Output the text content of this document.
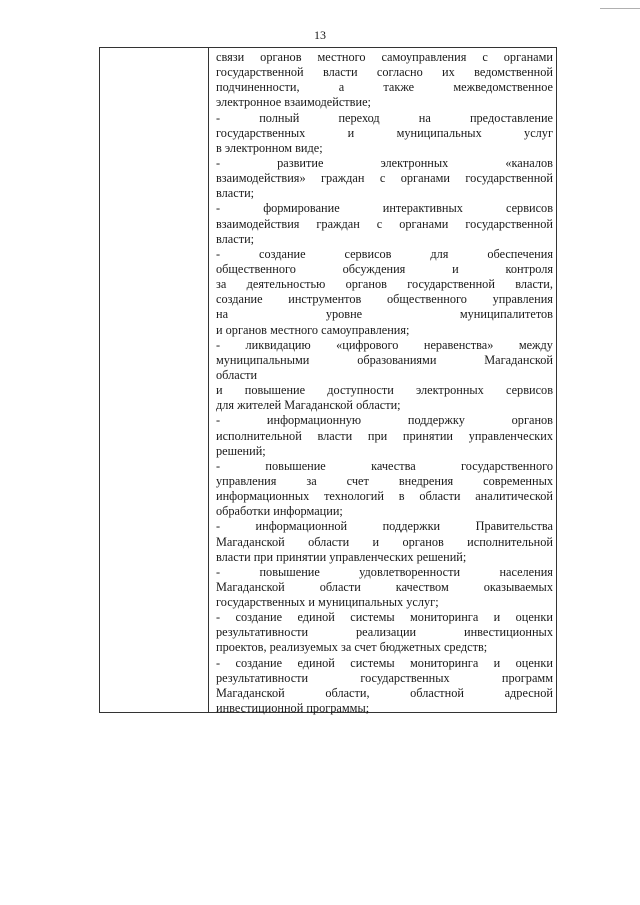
13
связи органов местного самоуправления с органами
государственной власти согласно их ведомственной
подчиненности,	а	также	межведомственное
электронное взаимодействие;
-	полный	переход	на	предоставление
государственных	и	муниципальных	услуг
в электронном виде;
-	развитие	электронных	«каналов
взаимодействия» граждан с органами государственной
власти;
-	формирование	интерактивных	сервисов
взаимодействия граждан с органами государственной
власти;
-	создание	сервисов	для	обеспечения
общественного	обсуждения	и	контроля
за деятельностью органов государственной власти,
создание инструментов общественного управления
на	уровне	муниципалитетов
и органов местного самоуправления;
- ликвидацию «цифрового неравенства» между
муниципальными	образованиями	Магаданской
области
и повышение доступности электронных сервисов
для жителей Магаданской области;
-	информационную	поддержку	органов
исполнительной власти при принятии управленческих
решений;
-	повышение	качества	государственного
управления за счет внедрения современных
информационных технологий в области аналитической
обработки информации;
-	информационной	поддержки	Правительства
Магаданской области и органов исполнительной
власти при принятии управленческих решений;
-	повышение	удовлетворенности	населения
Магаданской	области	качеством	оказываемых
государственных и муниципальных услуг;
- создание единой системы мониторинга и оценки
результативности	реализации	инвестиционных
проектов, реализуемых за счет бюджетных средств;
- создание единой системы мониторинга и оценки
результативности	государственных	программ
Магаданской	области,	областной	адресной
инвестиционной программы;
